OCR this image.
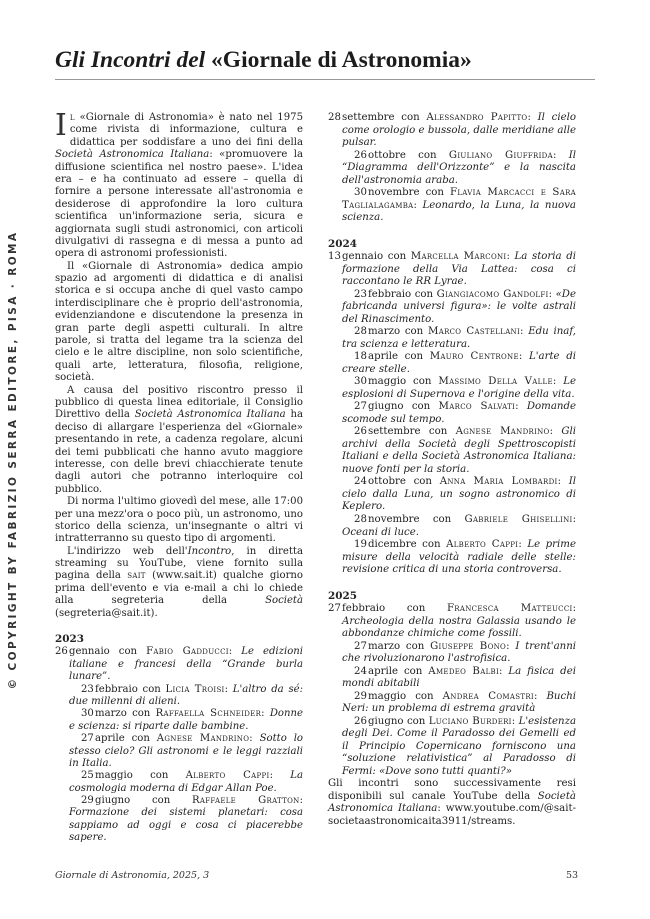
Gli Incontri del «Giornale di Astronomia»
© COPYRIGHT BY FABRIZIO SERRA EDITORE, PISA · ROMA

Il «Giornale di Astronomia» è nato nel 1975 come rivista di informazione, cultura e didattica per soddisfare a uno dei fini della Società Astronomica Italiana: «promuovere la diffusione scientifica nel nostro paese». L'idea era – e ha continuato ad essere – quella di fornire a persone interessate all'astronomia e desiderose di approfondire la loro cultura scientifica un'informazione seria, sicura e aggiornata sugli studi astronomici, con articoli divulgativi di rassegna e di messa a punto ad opera di astronomi professionisti.

Il «Giornale di Astronomia» dedica ampio spazio ad argomenti di didattica e di analisi storica e si occupa anche di quel vasto campo interdisciplinare che è proprio dell'astronomia, evidenziandone e discutendone la presenza in gran parte degli aspetti culturali. In altre parole, si tratta del legame tra la scienza del cielo e le altre discipline, non solo scientifiche, quali arte, letteratura, filosofia, religione, società.

A causa del positivo riscontro presso il pubblico di questa linea editoriale, il Consiglio Direttivo della Società Astronomica Italiana ha deciso di allargare l'esperienza del «Giornale» presentando in rete, a cadenza regolare, alcuni dei temi pubblicati che hanno avuto maggiore interesse, con delle brevi chiacchierate tenute dagli autori che potranno interloquire col pubblico.

Di norma l'ultimo giovedì del mese, alle 17:00 per una mezz'ora o poco più, un astronomo, uno storico della scienza, un'insegnante o altri vi intratterranno su questo tipo di argomenti.

L'indirizzo web dell'Incontro, in diretta streaming su YouTube, viene fornito sulla pagina della sait (www.sait.it) qualche giorno prima dell'evento e via e-mail a chi lo chiede alla segreteria della Società (segreteria@sait.it).

2023

26gennaio con Fabio Gadducci: Le edizioni italiane e francesi della “Grande burla lunare”.

23febbraio con Licia Troisi: L'altro da sé: due millenni di alieni.

30marzo con Raffaella Schneider: Donne e scienza: si riparte dalle bambine.

27aprile con Agnese Mandrino: Sotto lo stesso cielo? Gli astronomi e le leggi razziali in Italia.

25maggio con Alberto Cappi: La cosmologia moderna di Edgar Allan Poe.

29giugno con Raffaele Gratton: Formazione dei sistemi planetari: cosa sappiamo ad oggi e cosa ci piacerebbe sapere.

28settembre con Alessandro Papitto: Il cielo come orologio e bussola, dalle meridiane alle pulsar.

26ottobre con Giuliano Giuffrida: Il “Diagramma dell'Orizzonte” e la nascita dell'astronomia araba.

30novembre con Flavia Marcacci e Sara Taglialagamba: Leonardo, la Luna, la nuova scienza.

2024

13gennaio con Marcella Marconi: La storia di formazione della Via Lattea: cosa ci raccontano le RR Lyrae.

23febbraio con Giangiacomo Gandolfi: «De fabricanda universi figura»: le volte astrali del Rinascimento.

28marzo con Marco Castellani: Edu inaf, tra scienza e letteratura.

18aprile con Mauro Centrone: L'arte di creare stelle.

30maggio con Massimo Della Valle: Le esplosioni di Supernova e l'origine della vita.

27giugno con Marco Salvati: Domande scomode sul tempo.

26settembre con Agnese Mandrino: Gli archivi della Società degli Spettroscopisti Italiani e della Società Astronomica Italiana: nuove fonti per la storia.

24ottobre con Anna Maria Lombardi: Il cielo dalla Luna, un sogno astronomico di Keplero.

28novembre con Gabriele Ghisellini: Oceani di luce.

19dicembre con Alberto Cappi: Le prime misure della velocità radiale delle stelle: revisione critica di una storia controversa.

2025

27febbraio con Francesca Matteucci: Archeologia della nostra Galassia usando le abbondanze chimiche come fossili.

27marzo con Giuseppe Bono: I trent'anni che rivoluzionarono l'astrofisica.

24aprile con Amedeo Balbi: La fisica dei mondi abitabili

29maggio con Andrea Comastri: Buchi Neri: un problema di estrema gravità

26giugno con Luciano Burderi: L'esistenza degli Dei. Come il Paradosso dei Gemelli ed il Principio Copernicano forniscono una “soluzione relativistica” al Paradosso di Fermi: «Dove sono tutti quanti?»

Gli incontri sono successivamente resi disponibili sul canale YouTube della Società Astronomica Italiana: www.youtube.com/@sait-societaastronomicaita3911/streams.

Giornale di Astronomia, 2025, 3	53
